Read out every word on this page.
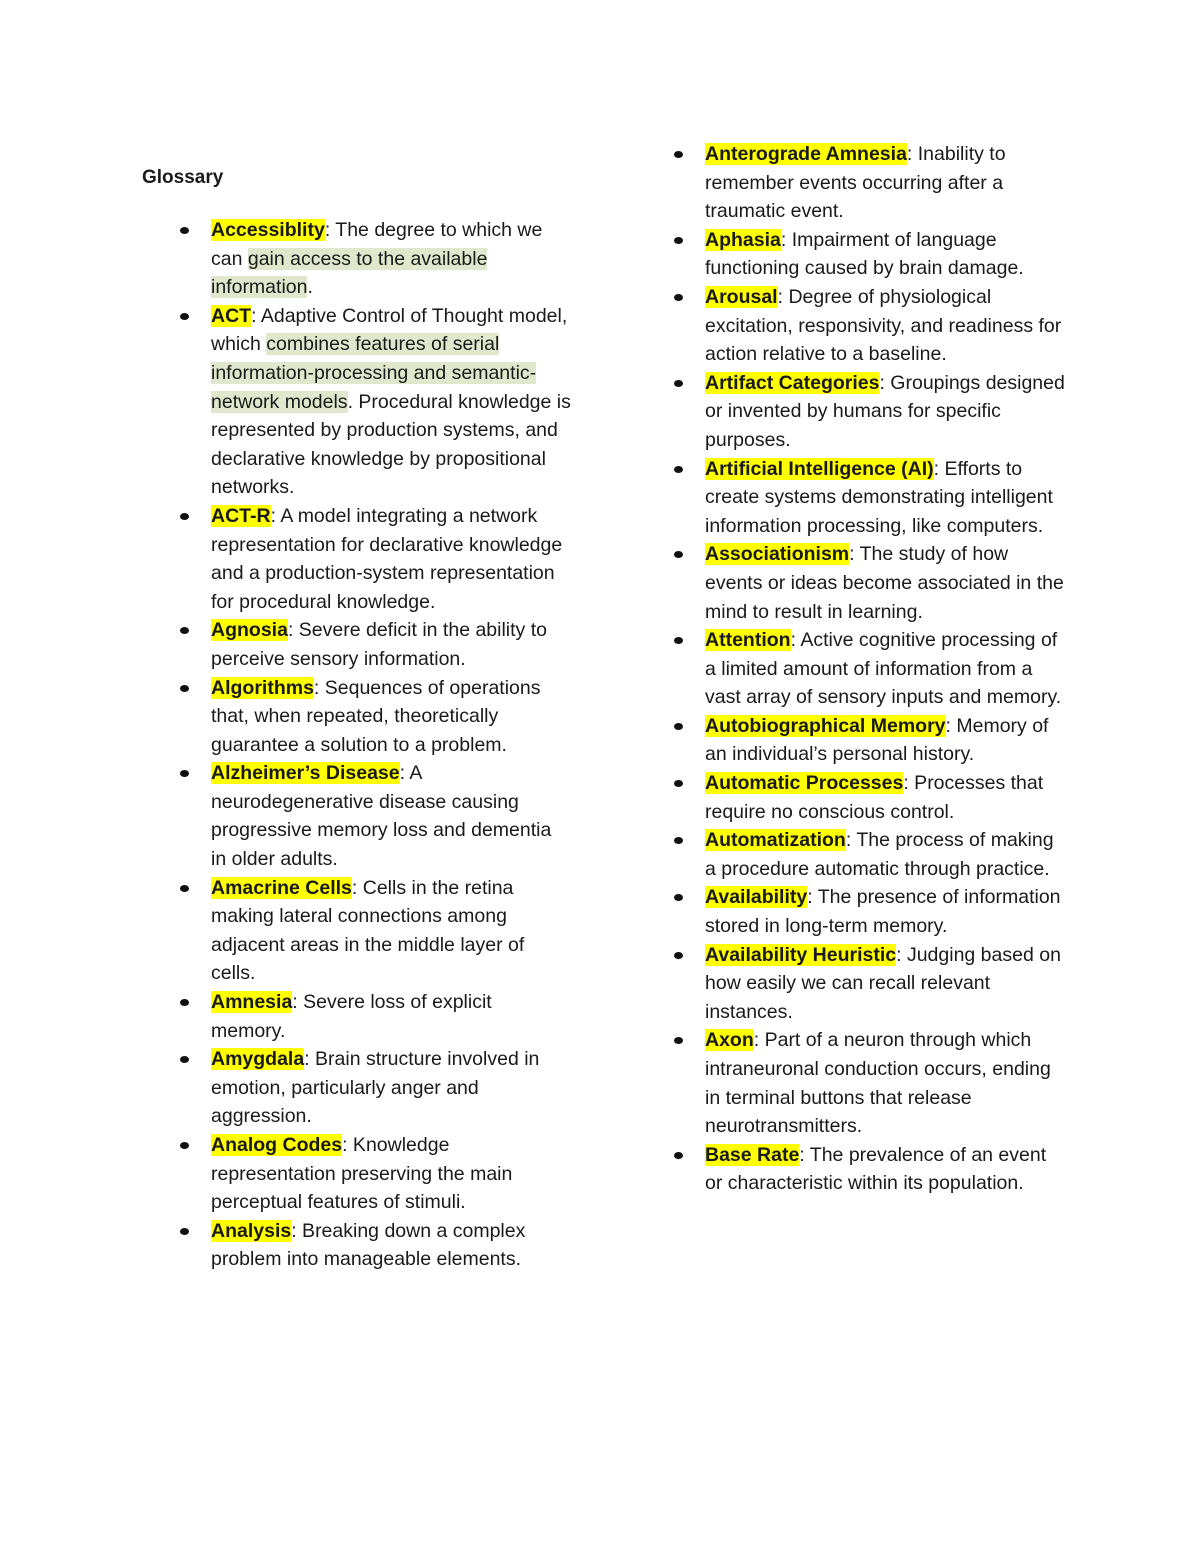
Glossary
Accessiblity: The degree to which we can gain access to the available information.
ACT: Adaptive Control of Thought model, which combines features of serial information-processing and semantic-network models. Procedural knowledge is represented by production systems, and declarative knowledge by propositional networks.
ACT-R: A model integrating a network representation for declarative knowledge and a production-system representation for procedural knowledge.
Agnosia: Severe deficit in the ability to perceive sensory information.
Algorithms: Sequences of operations that, when repeated, theoretically guarantee a solution to a problem.
Alzheimer’s Disease: A neurodegenerative disease causing progressive memory loss and dementia in older adults.
Amacrine Cells: Cells in the retina making lateral connections among adjacent areas in the middle layer of cells.
Amnesia: Severe loss of explicit memory.
Amygdala: Brain structure involved in emotion, particularly anger and aggression.
Analog Codes: Knowledge representation preserving the main perceptual features of stimuli.
Analysis: Breaking down a complex problem into manageable elements.
Anterograde Amnesia: Inability to remember events occurring after a traumatic event.
Aphasia: Impairment of language functioning caused by brain damage.
Arousal: Degree of physiological excitation, responsivity, and readiness for action relative to a baseline.
Artifact Categories: Groupings designed or invented by humans for specific purposes.
Artificial Intelligence (AI): Efforts to create systems demonstrating intelligent information processing, like computers.
Associationism: The study of how events or ideas become associated in the mind to result in learning.
Attention: Active cognitive processing of a limited amount of information from a vast array of sensory inputs and memory.
Autobiographical Memory: Memory of an individual’s personal history.
Automatic Processes: Processes that require no conscious control.
Automatization: The process of making a procedure automatic through practice.
Availability: The presence of information stored in long-term memory.
Availability Heuristic: Judging based on how easily we can recall relevant instances.
Axon: Part of a neuron through which intraneuronal conduction occurs, ending in terminal buttons that release neurotransmitters.
Base Rate: The prevalence of an event or characteristic within its population.
